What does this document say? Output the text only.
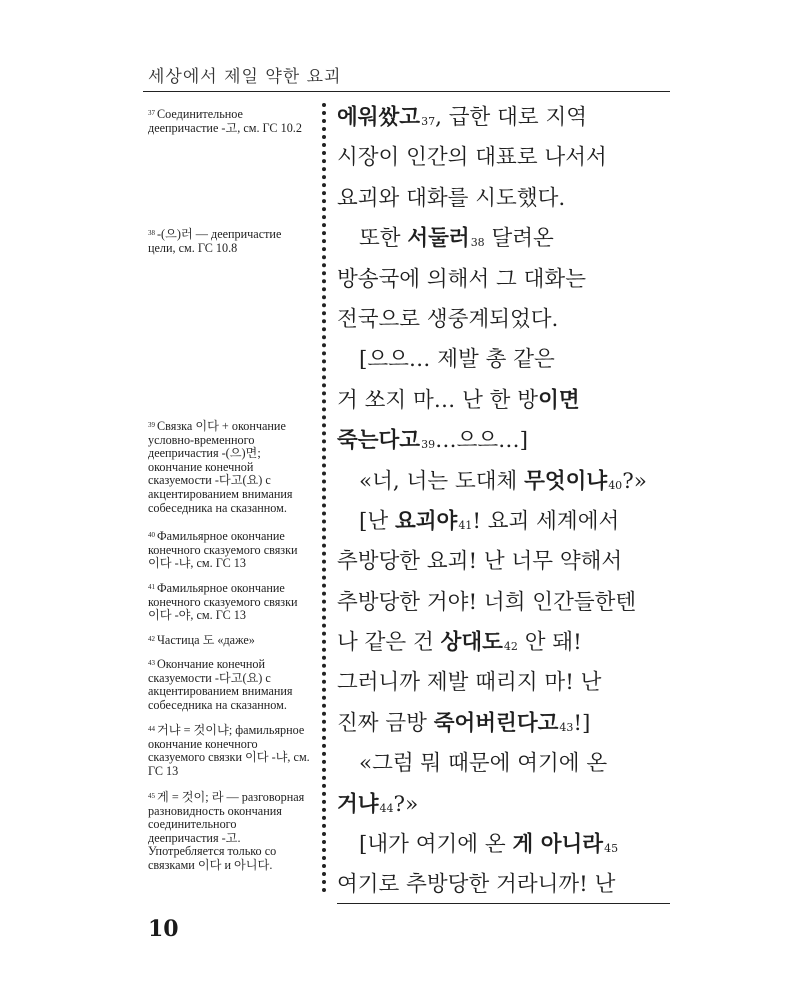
세상에서 제일 약한 요괴
$^{37}$ Соединительное деепричастие -고, см. ГС 10.2
$^{38}$ -(으)러 — деепричастие цели, см. ГС 10.8
$^{39}$ Связка 이다 + окончание условно-временного деепричастия -(으)면; окончание конечной сказуемости -다고(요) с акцентированием внимания собеседника на сказанном.
$^{40}$ Фамильярное окончание конечного сказуемого связки 이다 -냐, см. ГС 13
$^{41}$ Фамильярное окончание конечного сказуемого связки 이다 -야, см. ГС 13
$^{42}$ Частица 도 «даже»
$^{43}$ Окончание конечной сказуемости -다고(요) с акцентированием внимания собеседника на сказанном.
$^{44}$ 거냐 = 것이냐; фамильярное окончание конечного сказуемого связки 이다 -냐, см. ГС 13
$^{45}$ 게 = 것이; 라 — разговорная разновидность окончания соединительного деепричастия -고. Употребляется только со связками 이다 и 아니다.
에워쌌고$^{37}$, 급한 대로 지역
시장이 인간의 대표로 나서서
요괴와 대화를 시도했다.
또한 서둘러$^{38}$ 달려온
방송국에 의해서 그 대화는
전국으로 생중계되었다.
[으으… 제발 총 같은
거 쏘지 마… 난 한 방이면
죽는다고$^{39}$…으으…]
«너, 너는 도대체 무엇이냐$^{40}$?»
[난 요괴야$^{41}$! 요괴 세계에서
추방당한 요괴! 난 너무 약해서
추방당한 거야! 너희 인간들한텐
나 같은 건 상대도$^{42}$ 안 돼!
그러니까 제발 때리지 마! 난
진짜 금방 죽어버린다고$^{43}$!]
«그럼 뭐 때문에 여기에 온
거냐$^{44}$?»
[내가 여기에 온 게 아니라$^{45}$
여기로 추방당한 거라니까! 난
10
